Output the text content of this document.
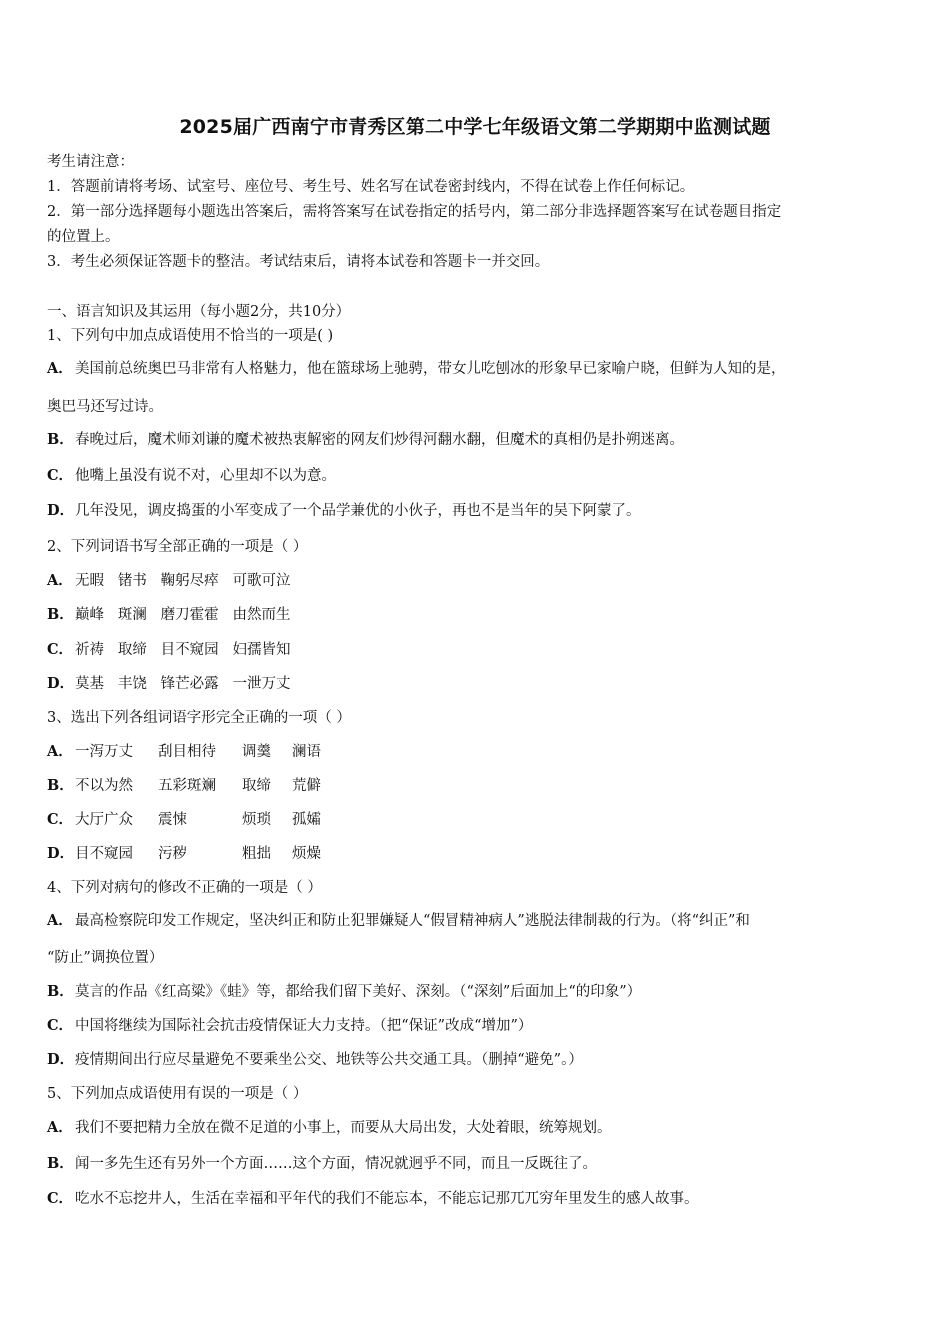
2025届广西南宁市青秀区第二中学七年级语文第二学期期中监测试题
考生请注意：
1．答题前请将考场、试室号、座位号、考生号、姓名写在试卷密封线内，不得在试卷上作任何标记。
2．第一部分选择题每小题选出答案后，需将答案写在试卷指定的括号内，第二部分非选择题答案写在试卷题目指定
的位置上。
3．考生必须保证答题卡的整洁。考试结束后，请将本试卷和答题卡一并交回。
一、语言知识及其运用（每小题2分，共10分）
1、下列句中加点成语使用不恰当的一项是( )
A． 美国前总统奥巴马非常有人格魅力，他在篮球场上驰骋，带女儿吃刨冰的形象早已家喻户晓，但鲜为人知的是，
奥巴马还写过诗。
B．春晚过后，魔术师刘谦的魔术被热衷解密的网友们炒得河翻水翻，但魔术的真相仍是扑朔迷离。
C． 他嘴上虽没有说不对，心里却不以为意。
D．几年没见，调皮捣蛋的小军变成了一个品学兼优的小伙子，再也不是当年的吴下阿蒙了。
2、下列词语书写全部正确的一项是（ ）
A． 无暇 锗书 鞠躬尽瘁 可歌可泣
B．巅峰 斑澜 磨刀霍霍 由然而生
C． 祈祷 取缔 目不窥园 妇孺皆知
D．莫基 丰饶 锋芒必露 一泄万丈
3、选出下列各组词语字形完全正确的一项（ ）
A． 一泻万丈 刮目相待 调羹 澜语
B． 不以为然 五彩斑斓 取缔 荒僻
C． 大厅广众 震悚	烦琐 孤孀
D． 目不窥园 污秽	粗拙 烦燥
4、下列对病句的修改不正确的一项是（ ）
A． 最高检察院印发工作规定，坚决纠正和防止犯罪嫌疑人“假冒精神病人”逃脱法律制裁的行为。（将“纠正”和
“防止”调换位置）
B．莫言的作品《红高粱》《蛙》等，都给我们留下美好、深刻。（“深刻”后面加上“的印象”）
C． 中国将继续为国际社会抗击疫情保证大力支持。（把“保证”改成“增加”）
D．疫情期间出行应尽量避免不要乘坐公交、地铁等公共交通工具。（删掉“避免”。）
5、下列加点成语使用有误的一项是（ ）
A． 我们不要把精力全放在微不足道的小事上，而要从大局出发，大处着眼，统筹规划。
B．闻一多先生还有另外一个方面……这个方面，情况就迥乎不同，而且一反既往了。
C． 吃水不忘挖井人，生活在幸福和平年代的我们不能忘本，不能忘记那兀兀穷年里发生的感人故事。
